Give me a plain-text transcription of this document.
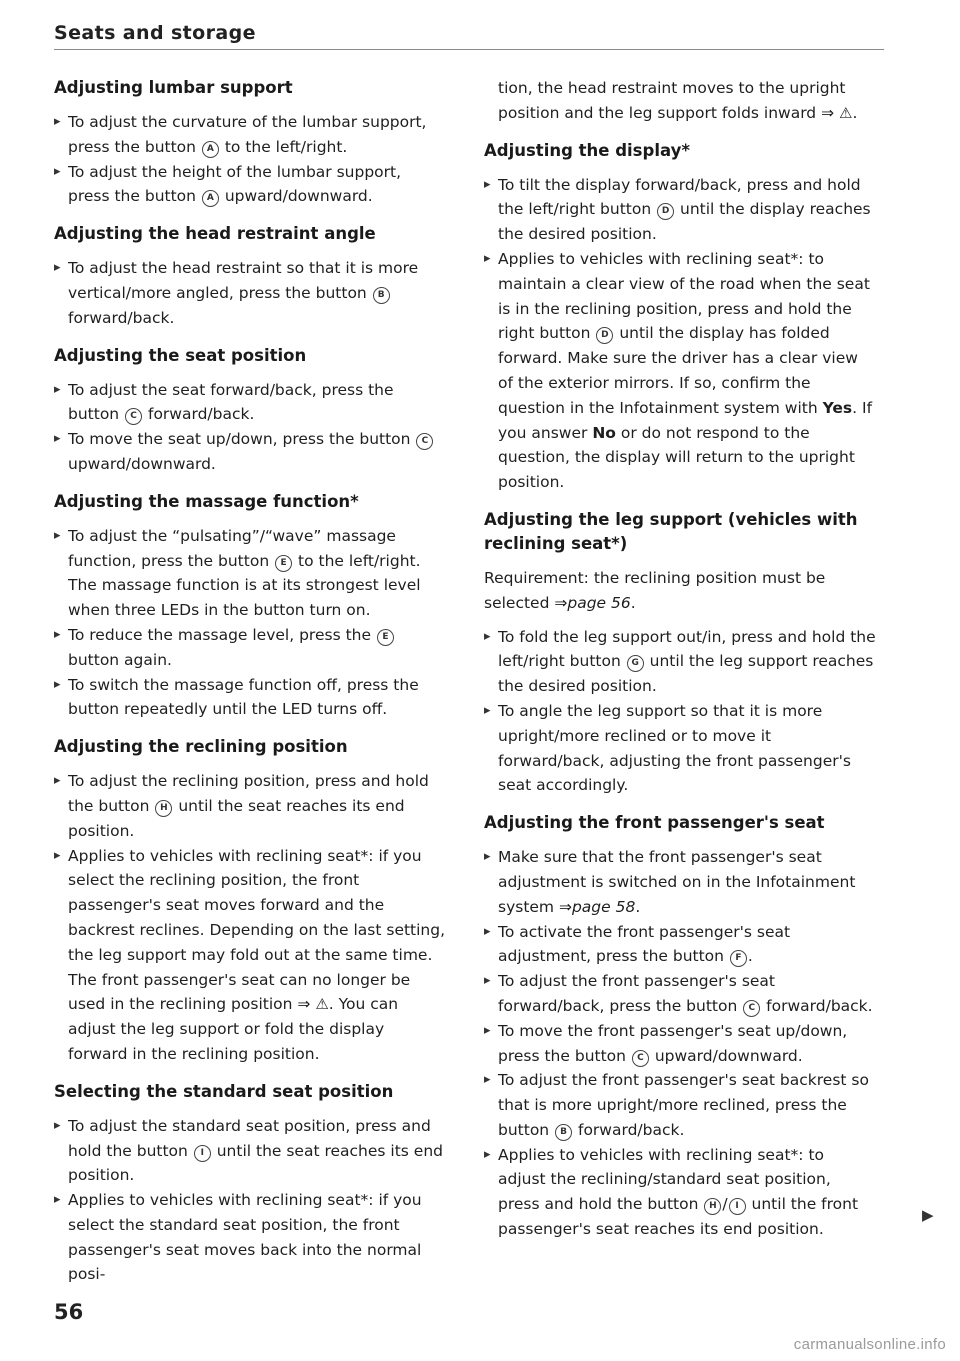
Seats and storage
Adjusting lumbar support
▸ To adjust the curvature of the lumbar support, press the button A to the left/right.
▸ To adjust the height of the lumbar support, press the button A upward/downward.
Adjusting the head restraint angle
▸ To adjust the head restraint so that it is more vertical/more angled, press the button B forward/back.
Adjusting the seat position
▸ To adjust the seat forward/back, press the button C forward/back.
▸ To move the seat up/down, press the button C upward/downward.
Adjusting the massage function*
▸ To adjust the “pulsating”/“wave” massage function, press the button E to the left/right. The massage function is at its strongest level when three LEDs in the button turn on.
▸ To reduce the massage level, press the E button again.
▸ To switch the massage function off, press the button repeatedly until the LED turns off.
Adjusting the reclining position
▸ To adjust the reclining position, press and hold the button H until the seat reaches its end position.
▸ Applies to vehicles with reclining seat*: if you select the reclining position, the front passenger's seat moves forward and the backrest reclines. Depending on the last setting, the leg support may fold out at the same time. The front passenger's seat can no longer be used in the reclining position ⇒ ⚠. You can adjust the leg support or fold the display forward in the reclining position.
Selecting the standard seat position
▸ To adjust the standard seat position, press and hold the button I until the seat reaches its end position.
▸ Applies to vehicles with reclining seat*: if you select the standard seat position, the front passenger's seat moves back into the normal posi-
tion, the head restraint moves to the upright position and the leg support folds inward ⇒ ⚠.
Adjusting the display*
▸ To tilt the display forward/back, press and hold the left/right button D until the display reaches the desired position.
▸ Applies to vehicles with reclining seat*: to maintain a clear view of the road when the seat is in the reclining position, press and hold the right button D until the display has folded forward. Make sure the driver has a clear view of the exterior mirrors. If so, confirm the question in the Infotainment system with Yes. If you answer No or do not respond to the question, the display will return to the upright position.
Adjusting the leg support (vehicles with reclining seat*)

Requirement: the reclining position must be selected ⇒page 56.

▸ To fold the leg support out/in, press and hold the left/right button G until the leg support reaches the desired position.
▸ To angle the leg support so that it is more upright/more reclined or to move it forward/back, adjusting the front passenger's seat accordingly.
Adjusting the front passenger's seat
▸ Make sure that the front passenger's seat adjustment is switched on in the Infotainment system ⇒page 58.
▸ To activate the front passenger's seat adjustment, press the button F .
▸ To adjust the front passenger's seat forward/back, press the button C forward/back.
▸ To move the front passenger's seat up/down, press the button C upward/downward.
▸ To adjust the front passenger's seat backrest so that is more upright/more reclined, press the button B forward/back.
▸ Applies to vehicles with reclining seat*: to adjust the reclining/standard seat position, press and hold the button H / I until the front passenger's seat reaches its end position.
▶
56
carmanualsonline.info
